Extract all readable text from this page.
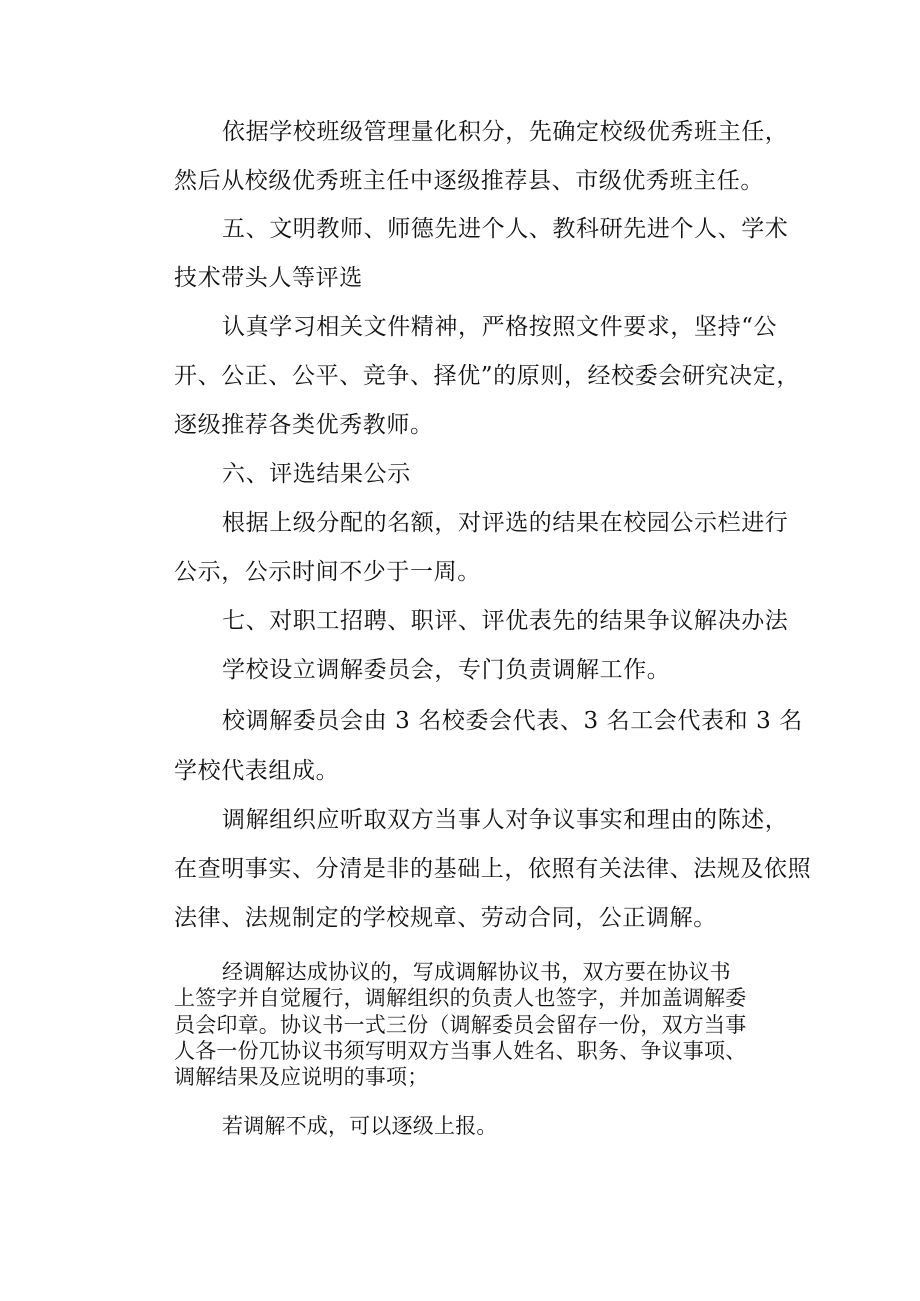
依据学校班级管理量化积分，先确定校级优秀班主任，

然后从校级优秀班主任中逐级推荐县、市级优秀班主任。

五、文明教师、师德先进个人、教科研先进个人、学术

技术带头人等评选

认真学习相关文件精神，严格按照文件要求，坚持“公

开、公正、公平、竞争、择优”的原则，经校委会研究决定，

逐级推荐各类优秀教师。

六、评选结果公示

根据上级分配的名额，对评选的结果在校园公示栏进行

公示，公示时间不少于一周。

七、对职工招聘、职评、评优表先的结果争议解决办法

学校设立调解委员会，专门负责调解工作。

校调解委员会由 3 名校委会代表、3 名工会代表和 3 名

学校代表组成。

调解组织应听取双方当事人对争议事实和理由的陈述，

在查明事实、分清是非的基础上，依照有关法律、法规及依照

法律、法规制定的学校规章、劳动合同，公正调解。

经调解达成协议的，写成调解协议书，双方要在协议书

上签字并自觉履行，调解组织的负责人也签字，并加盖调解委

员会印章。协议书一式三份（调解委员会留存一份，双方当事

人各一份兀协议书须写明双方当事人姓名、职务、争议事项、

调解结果及应说明的事项；

若调解不成，可以逐级上报。
